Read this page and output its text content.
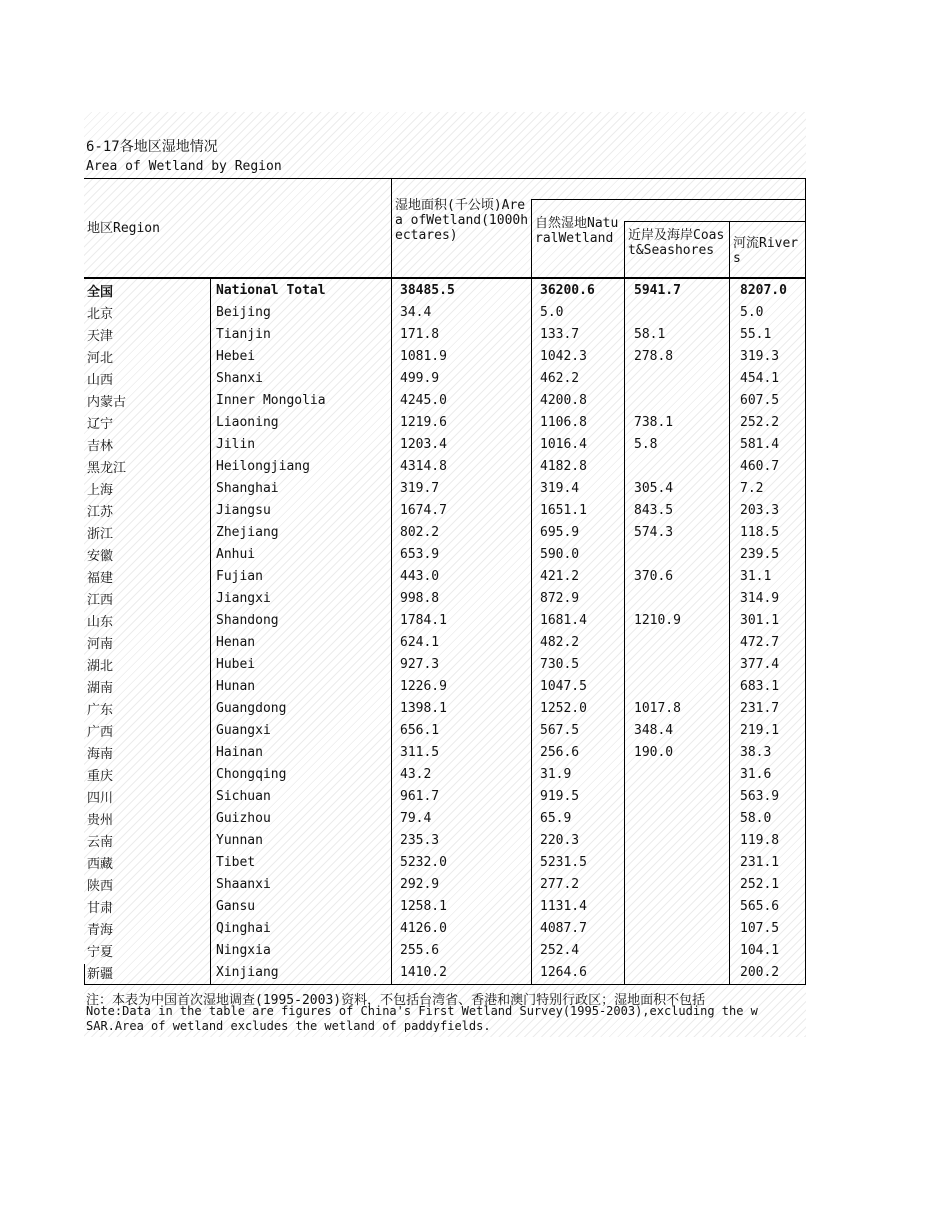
6-17各地区湿地情况
Area of Wetland by Region
地区Region
湿地面积(千公顷)Area ofWetland(1000hectares)
自然湿地NaturalWetland	近岸及海岸Coast&Seashores	河流Rivers
全国	National Total	38485.5	36200.6	5941.7	8207.0
北京	Beijing	34.4	5.0		5.0
天津	Tianjin	171.8	133.7	58.1	55.1
河北	Hebei	1081.9	1042.3	278.8	319.3
山西	Shanxi	499.9	462.2		454.1
内蒙古	Inner Mongolia	4245.0	4200.8		607.5
辽宁	Liaoning	1219.6	1106.8	738.1	252.2
吉林	Jilin	1203.4	1016.4	5.8	581.4
黑龙江	Heilongjiang	4314.8	4182.8		460.7
上海	Shanghai	319.7	319.4	305.4	7.2
江苏	Jiangsu	1674.7	1651.1	843.5	203.3
浙江	Zhejiang	802.2	695.9	574.3	118.5
安徽	Anhui	653.9	590.0		239.5
福建	Fujian	443.0	421.2	370.6	31.1
江西	Jiangxi	998.8	872.9		314.9
山东	Shandong	1784.1	1681.4	1210.9	301.1
河南	Henan	624.1	482.2		472.7
湖北	Hubei	927.3	730.5		377.4
湖南	Hunan	1226.9	1047.5		683.1
广东	Guangdong	1398.1	1252.0	1017.8	231.7
广西	Guangxi	656.1	567.5	348.4	219.1
海南	Hainan	311.5	256.6	190.0	38.3
重庆	Chongqing	43.2	31.9		31.6
四川	Sichuan	961.7	919.5		563.9
贵州	Guizhou	79.4	65.9		58.0
云南	Yunnan	235.3	220.3		119.8
西藏	Tibet	5232.0	5231.5		231.1
陕西	Shaanxi	292.9	277.2		252.1
甘肃	Gansu	1258.1	1131.4		565.6
青海	Qinghai	4126.0	4087.7		107.5
宁夏	Ningxia	255.6	252.4		104.1
新疆	Xinjiang	1410.2	1264.6		200.2
注：本表为中国首次湿地调查(1995-2003)资料，不包括台湾省、香港和澳门特别行政区；湿地面积不包括
Note:Data in the table are figures of China's First Wetland Survey(1995-2003),excluding the w
SAR.Area of wetland excludes the wetland of paddyfields.
